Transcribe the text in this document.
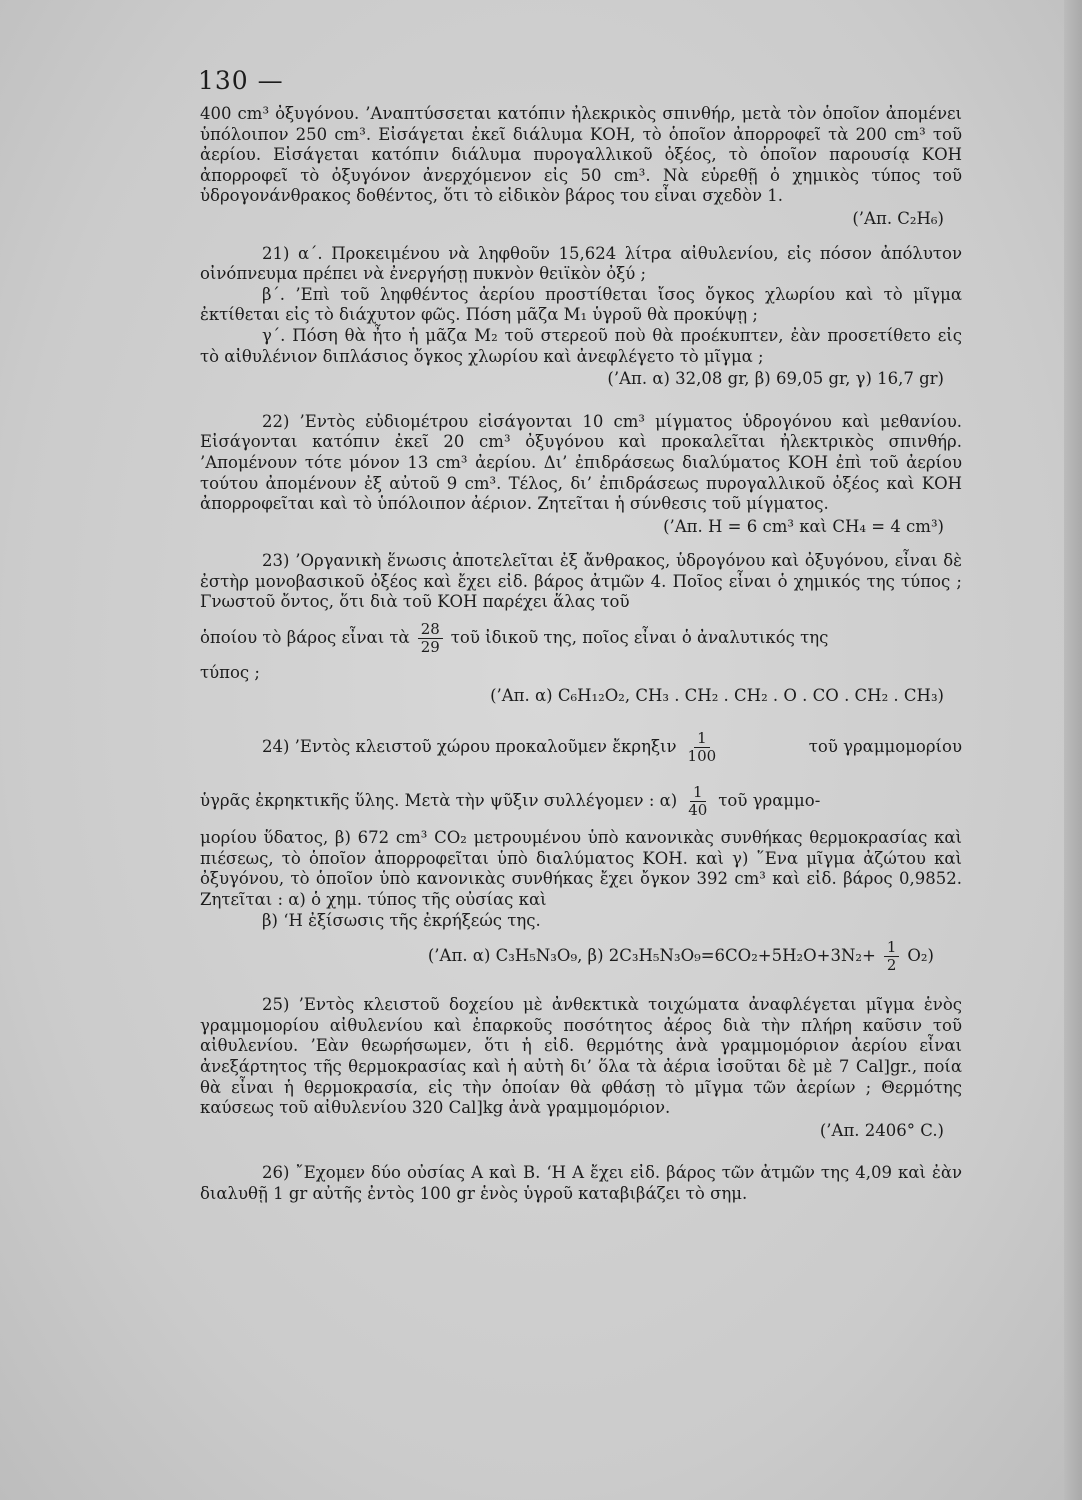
130 —

400 cm³ ὀξυγόνου. ’Αναπτύσσεται κατόπιν ἠλεκρικὸς σπινθήρ, μετὰ τὸν ὁποῖον ἀπομένει ὑπόλοιπον 250 cm³. Εἰσάγεται ἐκεῖ διάλυμα ΚΟΗ, τὸ ὁποῖον ἀπορροφεῖ τὰ 200 cm³ τοῦ ἀερίου. Εἰσάγεται κατόπιν διάλυμα πυρογαλλικοῦ ὀξέος, τὸ ὁποῖον παρουσίᾳ ΚΟΗ ἀπορροφεῖ τὸ ὀξυγόνον ἀνερχόμενον εἰς 50 cm³. Νὰ εὑρεθῇ ὁ χημικὸς τύπος τοῦ ὑδρογονάνθρακος δοθέντος, ὅτι τὸ εἰδικὸν βάρος του εἶναι σχεδὸν 1.

(’Απ. C₂H₆)

21) α΄. Προκειμένου νὰ ληφθοῦν 15,624 λίτρα αἰθυλενίου, εἰς πόσον ἀπόλυτον οἰνόπνευμα πρέπει νὰ ἐνεργήσῃ πυκνὸν θειϊκὸν ὀξύ ;

β΄. ’Επὶ τοῦ ληφθέντος ἀερίου προστίθεται ἴσος ὄγκος χλωρίου καὶ τὸ μῖγμα ἐκτίθεται εἰς τὸ διάχυτον φῶς. Πόση μᾶζα Μ₁ ὑγροῦ θὰ προκύψῃ ;

γ΄. Πόση θὰ ἦτο ἡ μᾶζα Μ₂ τοῦ στερεοῦ ποὺ θὰ προέκυπτεν, ἐὰν προσετίθετο εἰς τὸ αἰθυλένιον διπλάσιος ὄγκος χλωρίου καὶ ἀνεφλέγετο τὸ μῖγμα ;

(’Απ. α) 32,08 gr, β) 69,05 gr, γ) 16,7 gr)

22) ’Εντὸς εὐδιομέτρου εἰσάγονται 10 cm³ μίγματος ὑδρογόνου καὶ μεθανίου. Εἰσάγονται κατόπιν ἐκεῖ 20 cm³ ὀξυγόνου καὶ προκαλεῖται ἠλεκτρικὸς σπινθήρ. ’Απομένουν τότε μόνον 13 cm³ ἀερίου. Δι’ ἐπιδράσεως διαλύματος ΚΟΗ ἐπὶ τοῦ ἀερίου τούτου ἀπομένουν ἐξ αὐτοῦ 9 cm³. Τέλος, δι’ ἐπιδράσεως πυρογαλλικοῦ ὀξέος καὶ ΚΟΗ ἀπορροφεῖται καὶ τὸ ὑπόλοιπον ἀέριον. Ζητεῖται ἡ σύνθεσις τοῦ μίγματος.

(’Απ. Η = 6 cm³ καὶ CH₄ = 4 cm³)

23) ’Οργανικὴ ἕνωσις ἀποτελεῖται ἐξ ἄνθρακος, ὑδρογόνου καὶ ὀξυγόνου, εἶναι δὲ ἐστὴρ μονοβασικοῦ ὀξέος καὶ ἔχει εἰδ. βάρος ἀτμῶν 4. Ποῖος εἶναι ὁ χημικός της τύπος ; Γνωστοῦ ὄντος, ὅτι διὰ τοῦ ΚΟΗ παρέχει ἅλας τοῦ

ὁποίου τὸ βάρος εἶναι τὰ $\frac{28}{29}$ τοῦ ἰδικοῦ της, ποῖος εἶναι ὁ ἀναλυτικός της

τύπος ;

(’Απ. α) C₆H₁₂O₂, CH₃ . CH₂ . CH₂ . O . CO . CH₂ . CH₃)

24) ’Εντὸς κλειστοῦ χώρου προκαλοῦμεν ἔκρηξιν $\frac{1}{100}$	τοῦ γραμμομορίου
ὑγρᾶς ἐκρηκτικῆς ὕλης. Μετὰ τὴν ψῦξιν συλλέγομεν : $\alpha) \frac{1}{40}$ τοῦ γραμμο-

μορίου ὕδατος, β) 672 cm³ CO₂ μετρουμένου ὑπὸ κανονικὰς συνθήκας θερμοκρασίας καὶ πιέσεως, τὸ ὁποῖον ἀπορροφεῖται ὑπὸ διαλύματος ΚΟΗ. καὶ γ) ῞Ενα μῖγμα ἀζώτου καὶ ὀξυγόνου, τὸ ὁποῖον ὑπὸ κανονικὰς συνθήκας ἔχει ὄγκον 392 cm³ καὶ εἰδ. βάρος 0,9852. Ζητεῖται : α) ὁ χημ. τύπος τῆς οὐσίας καὶ

β) ‘Η ἐξίσωσις τῆς ἐκρήξεώς της.

(’Απ. α) C₃H₅N₃O₉, β) $2C_3H_5N_3O_9=6CO_2+5H_2O+3N_2+ \frac{1}{2} O_2$)

25) ’Εντὸς κλειστοῦ δοχείου μὲ ἀνθεκτικὰ τοιχώματα ἀναφλέγεται μῖγμα ἑνὸς γραμμομορίου αἰθυλενίου καὶ ἐπαρκοῦς ποσότητος ἀέρος διὰ τὴν πλήρη καῦσιν τοῦ αἰθυλενίου. ’Εὰν θεωρήσωμεν, ὅτι ἡ εἰδ. θερμότης ἀνὰ γραμμομόριον ἀερίου εἶναι ἀνεξάρτητος τῆς θερμοκρασίας καὶ ἡ αὐτὴ δι’ ὅλα τὰ ἀέρια ἰσοῦται δὲ μὲ 7 Cal]gr., ποία θὰ εἶναι ἡ θερμοκρασία, εἰς τὴν ὁποίαν θὰ φθάσῃ τὸ μῖγμα τῶν ἀερίων ; Θερμότης καύσεως τοῦ αἰθυλενίου 320 Cal]kg ἀνὰ γραμμομόριον.

(’Απ. 2406° C.)

26) ῎Εχομεν δύο οὐσίας Α καὶ Β. ‘Η Α ἔχει εἰδ. βάρος τῶν ἀτμῶν της 4,09 καὶ ἐὰν διαλυθῇ 1 gr αὐτῆς ἐντὸς 100 gr ἑνὸς ὑγροῦ καταβιβάζει τὸ σημ.
